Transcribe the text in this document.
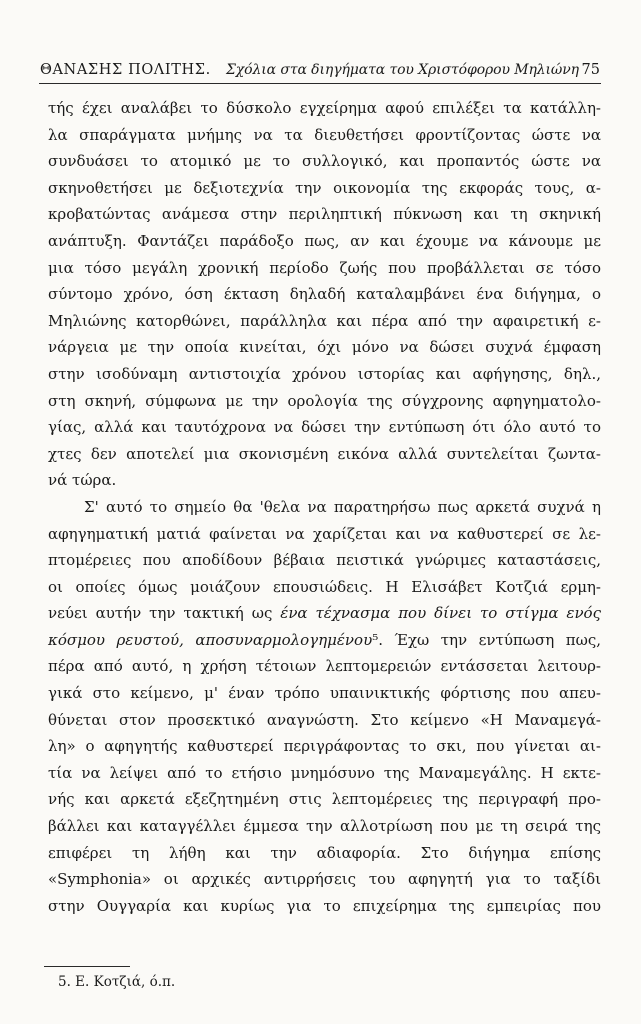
ΘΑΝΑΣΗΣ ΠΟΛΙΤΗΣ. Σχόλια στα διηγήματα του Χριστόφορου Μηλιώνη 75
τής έχει αναλάβει το δύσκολο εγχείρημα αφού επιλέξει τα κατάλλη-
λα σπαράγματα μνήμης να τα διευθετήσει φροντίζοντας ώστε να
συνδυάσει το ατομικό με το συλλογικό, και προπαντός ώστε να
σκηνοθετήσει με δεξιοτεχνία την οικονομία της εκφοράς τους, α-
κροβατώντας ανάμεσα στην περιληπτική πύκνωση και τη σκηνική
ανάπτυξη. Φαντάζει παράδοξο πως, αν και έχουμε να κάνουμε με
μια τόσο μεγάλη χρονική περίοδο ζωής που προβάλλεται σε τόσο
σύντομο χρόνο, όση έκταση δηλαδή καταλαμβάνει ένα διήγημα, ο
Μηλιώνης κατορθώνει, παράλληλα και πέρα από την αφαιρετική ε-
νάργεια με την οποία κινείται, όχι μόνο να δώσει συχνά έμφαση
στην ισοδύναμη αντιστοιχία χρόνου ιστορίας και αφήγησης, δηλ.,
στη σκηνή, σύμφωνα με την ορολογία της σύγχρονης αφηγηματολο-
γίας, αλλά και ταυτόχρονα να δώσει την εντύπωση ότι όλο αυτό το
χτες δεν αποτελεί μια σκονισμένη εικόνα αλλά συντελείται ζωντα-
νά τώρα.
Σ' αυτό το σημείο θα 'θελα να παρατηρήσω πως αρκετά συχνά η
αφηγηματική ματιά φαίνεται να χαρίζεται και να καθυστερεί σε λε-
πτομέρειες που αποδίδουν βέβαια πειστικά γνώριμες καταστάσεις,
οι οποίες όμως μοιάζουν επουσιώδεις. Η Ελισάβετ Κοτζιά ερμη-
νεύει αυτήν την τακτική ως ένα τέχνασμα που δίνει το στίγμα ενός
κόσμου ρευστού, αποσυναρμολογημένου⁵. Έχω την εντύπωση πως,
πέρα από αυτό, η χρήση τέτοιων λεπτομερειών εντάσσεται λειτουρ-
γικά στο κείμενο, μ' έναν τρόπο υπαινικτικής φόρτισης που απευ-
θύνεται στον προσεκτικό αναγνώστη. Στο κείμενο «Η Μαναμεγά-
λη» ο αφηγητής καθυστερεί περιγράφοντας το σκι, που γίνεται αι-
τία να λείψει από το ετήσιο μνημόσυνο της Μαναμεγάλης. Η εκτε-
νής και αρκετά εξεζητημένη στις λεπτομέρειες της περιγραφή προ-
βάλλει και καταγγέλλει έμμεσα την αλλοτρίωση που με τη σειρά της
επιφέρει τη λήθη και την αδιαφορία. Στο διήγημα επίσης
«Symphonia» οι αρχικές αντιρρήσεις του αφηγητή για το ταξίδι
στην Ουγγαρία και κυρίως για το επιχείρημα της εμπειρίας που
5. Ε. Κοτζιά, ό.π.
